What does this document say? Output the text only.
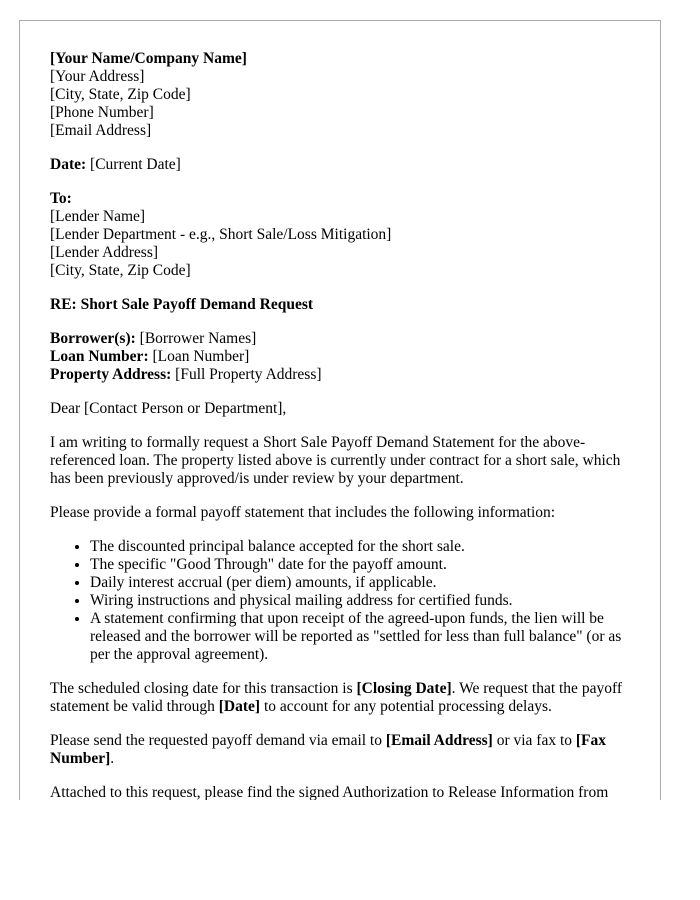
[Your Name/Company Name]
[Your Address]
[City, State, Zip Code]
[Phone Number]
[Email Address]
Date: [Current Date]
To:
[Lender Name]
[Lender Department - e.g., Short Sale/Loss Mitigation]
[Lender Address]
[City, State, Zip Code]
RE: Short Sale Payoff Demand Request
Borrower(s): [Borrower Names]
Loan Number: [Loan Number]
Property Address: [Full Property Address]

Dear [Contact Person or Department],

I am writing to formally request a Short Sale Payoff Demand Statement for the above-referenced loan. The property listed above is currently under contract for a short sale, which has been previously approved/is under review by your department.

Please provide a formal payoff statement that includes the following information:

• The discounted principal balance accepted for the short sale.
• The specific "Good Through" date for the payoff amount.
• Daily interest accrual (per diem) amounts, if applicable.
• Wiring instructions and physical mailing address for certified funds.
• A statement confirming that upon receipt of the agreed-upon funds, the lien will be released and the borrower will be reported as "settled for less than full balance" (or as per the approval agreement).

The scheduled closing date for this transaction is [Closing Date]. We request that the payoff statement be valid through [Date] to account for any potential processing delays.

Please send the requested payoff demand via email to [Email Address] or via fax to [Fax Number].

Attached to this request, please find the signed Authorization to Release Information from
